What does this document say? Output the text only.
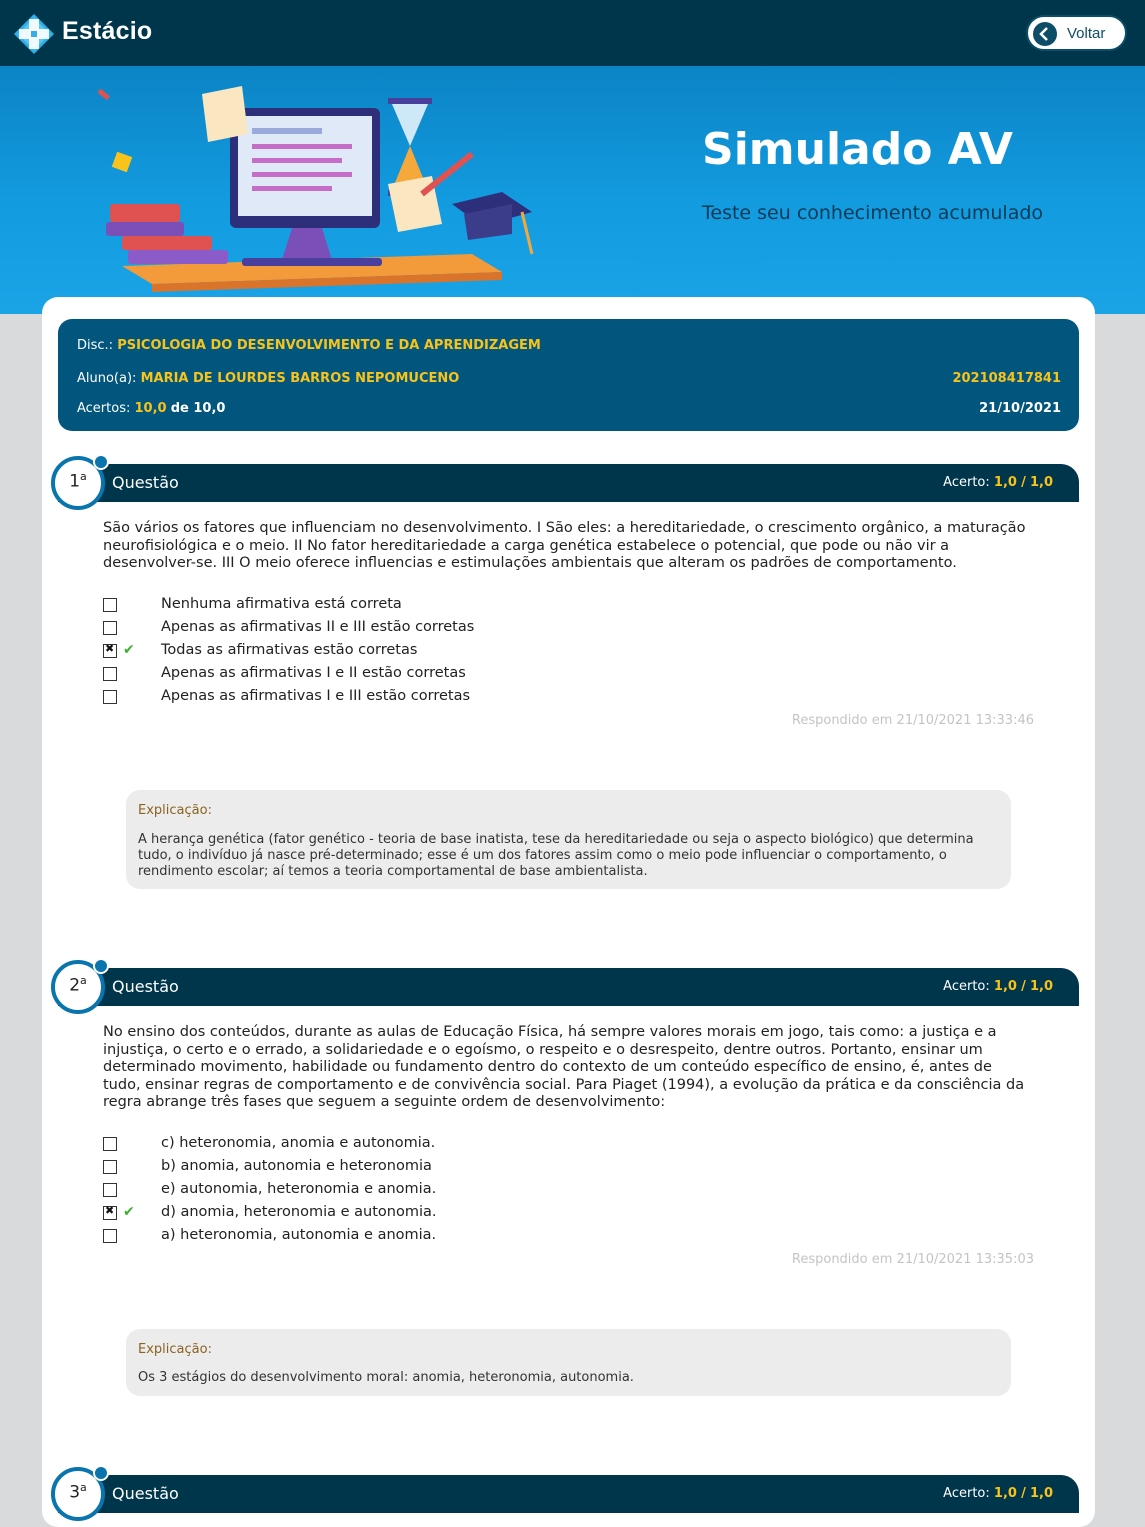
Estácio	Voltar
Simulado AV
Teste seu conhecimento acumulado
Disc.: PSICOLOGIA DO DESENVOLVIMENTO E DA APRENDIZAGEM
Aluno(a): MARIA DE LOURDES BARROS NEPOMUCENO	202108417841
Acertos: 10,0 de 10,0	21/10/2021
Questão	Acerto: 1,0 / 1,0
1$^a$
São vários os fatores que influenciam no desenvolvimento. I São eles: a hereditariedade, o crescimento orgânico, a maturação neurofisiológica e o meio. II No fator hereditariedade a carga genética estabelece o potencial, que pode ou não vir a desenvolver-se. III O meio oferece influencias e estimulações ambientais que alteram os padrões de comportamento.
Nenhuma afirmativa está correta
Apenas as afirmativas II e III estão corretas
✖
✔ Todas as afirmativas estão corretas
Apenas as afirmativas I e II estão corretas
Apenas as afirmativas I e III estão corretas
Respondido em 21/10/2021 13:33:46
Explicação:
A herança genética (fator genético - teoria de base inatista, tese da hereditariedade ou seja o aspecto biológico) que determina tudo, o indivíduo já nasce pré-determinado; esse é um dos fatores assim como o meio pode influenciar o comportamento, o rendimento escolar; aí temos a teoria comportamental de base ambientalista.
Questão	Acerto: 1,0 / 1,0
2$^a$
No ensino dos conteúdos, durante as aulas de Educação Física, há sempre valores morais em jogo, tais como: a justiça e a injustiça, o certo e o errado, a solidariedade e o egoísmo, o respeito e o desrespeito, dentre outros. Portanto, ensinar um determinado movimento, habilidade ou fundamento dentro do contexto de um conteúdo específico de ensino, é, antes de tudo, ensinar regras de comportamento e de convivência social. Para Piaget (1994), a evolução da prática e da consciência da regra abrange três fases que seguem a seguinte ordem de desenvolvimento:
c) heteronomia, anomia e autonomia.
b) anomia, autonomia e heteronomia
e) autonomia, heteronomia e anomia.
✖
✔ d) anomia, heteronomia e autonomia.
a) heteronomia, autonomia e anomia.
Respondido em 21/10/2021 13:35:03
Explicação:
Os 3 estágios do desenvolvimento moral: anomia, heteronomia, autonomia.
Questão	Acerto: 1,0 / 1,0
3$^a$
